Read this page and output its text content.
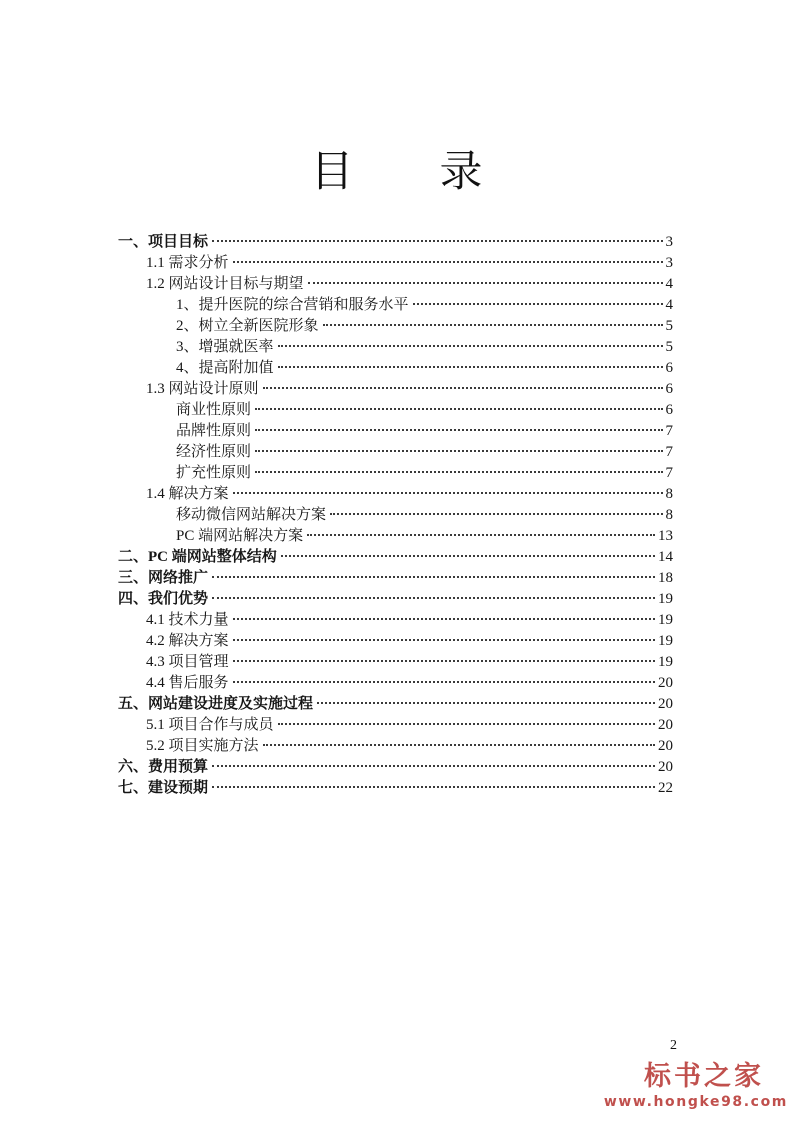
目　　录
一、项目目标	3
1.1 需求分析	3
1.2 网站设计目标与期望	4
1、提升医院的综合营销和服务水平	4
2、树立全新医院形象	5
3、增强就医率	5
4、提高附加值	6
1.3 网站设计原则	6
商业性原则	6
品牌性原则	7
经济性原则	7
扩充性原则	7
1.4 解决方案	8
移动微信网站解决方案	8
PC 端网站解决方案	13
二、PC 端网站整体结构	14
三、网络推广	18
四、我们优势	19
4.1 技术力量	19
4.2 解决方案	19
4.3 项目管理	19
4.4 售后服务	20
五、网站建设进度及实施过程	20
5.1 项目合作与成员	20
5.2 项目实施方法	20
六、费用预算	20
七、建设预期	22
2
标书之家
www.hongke98.com
